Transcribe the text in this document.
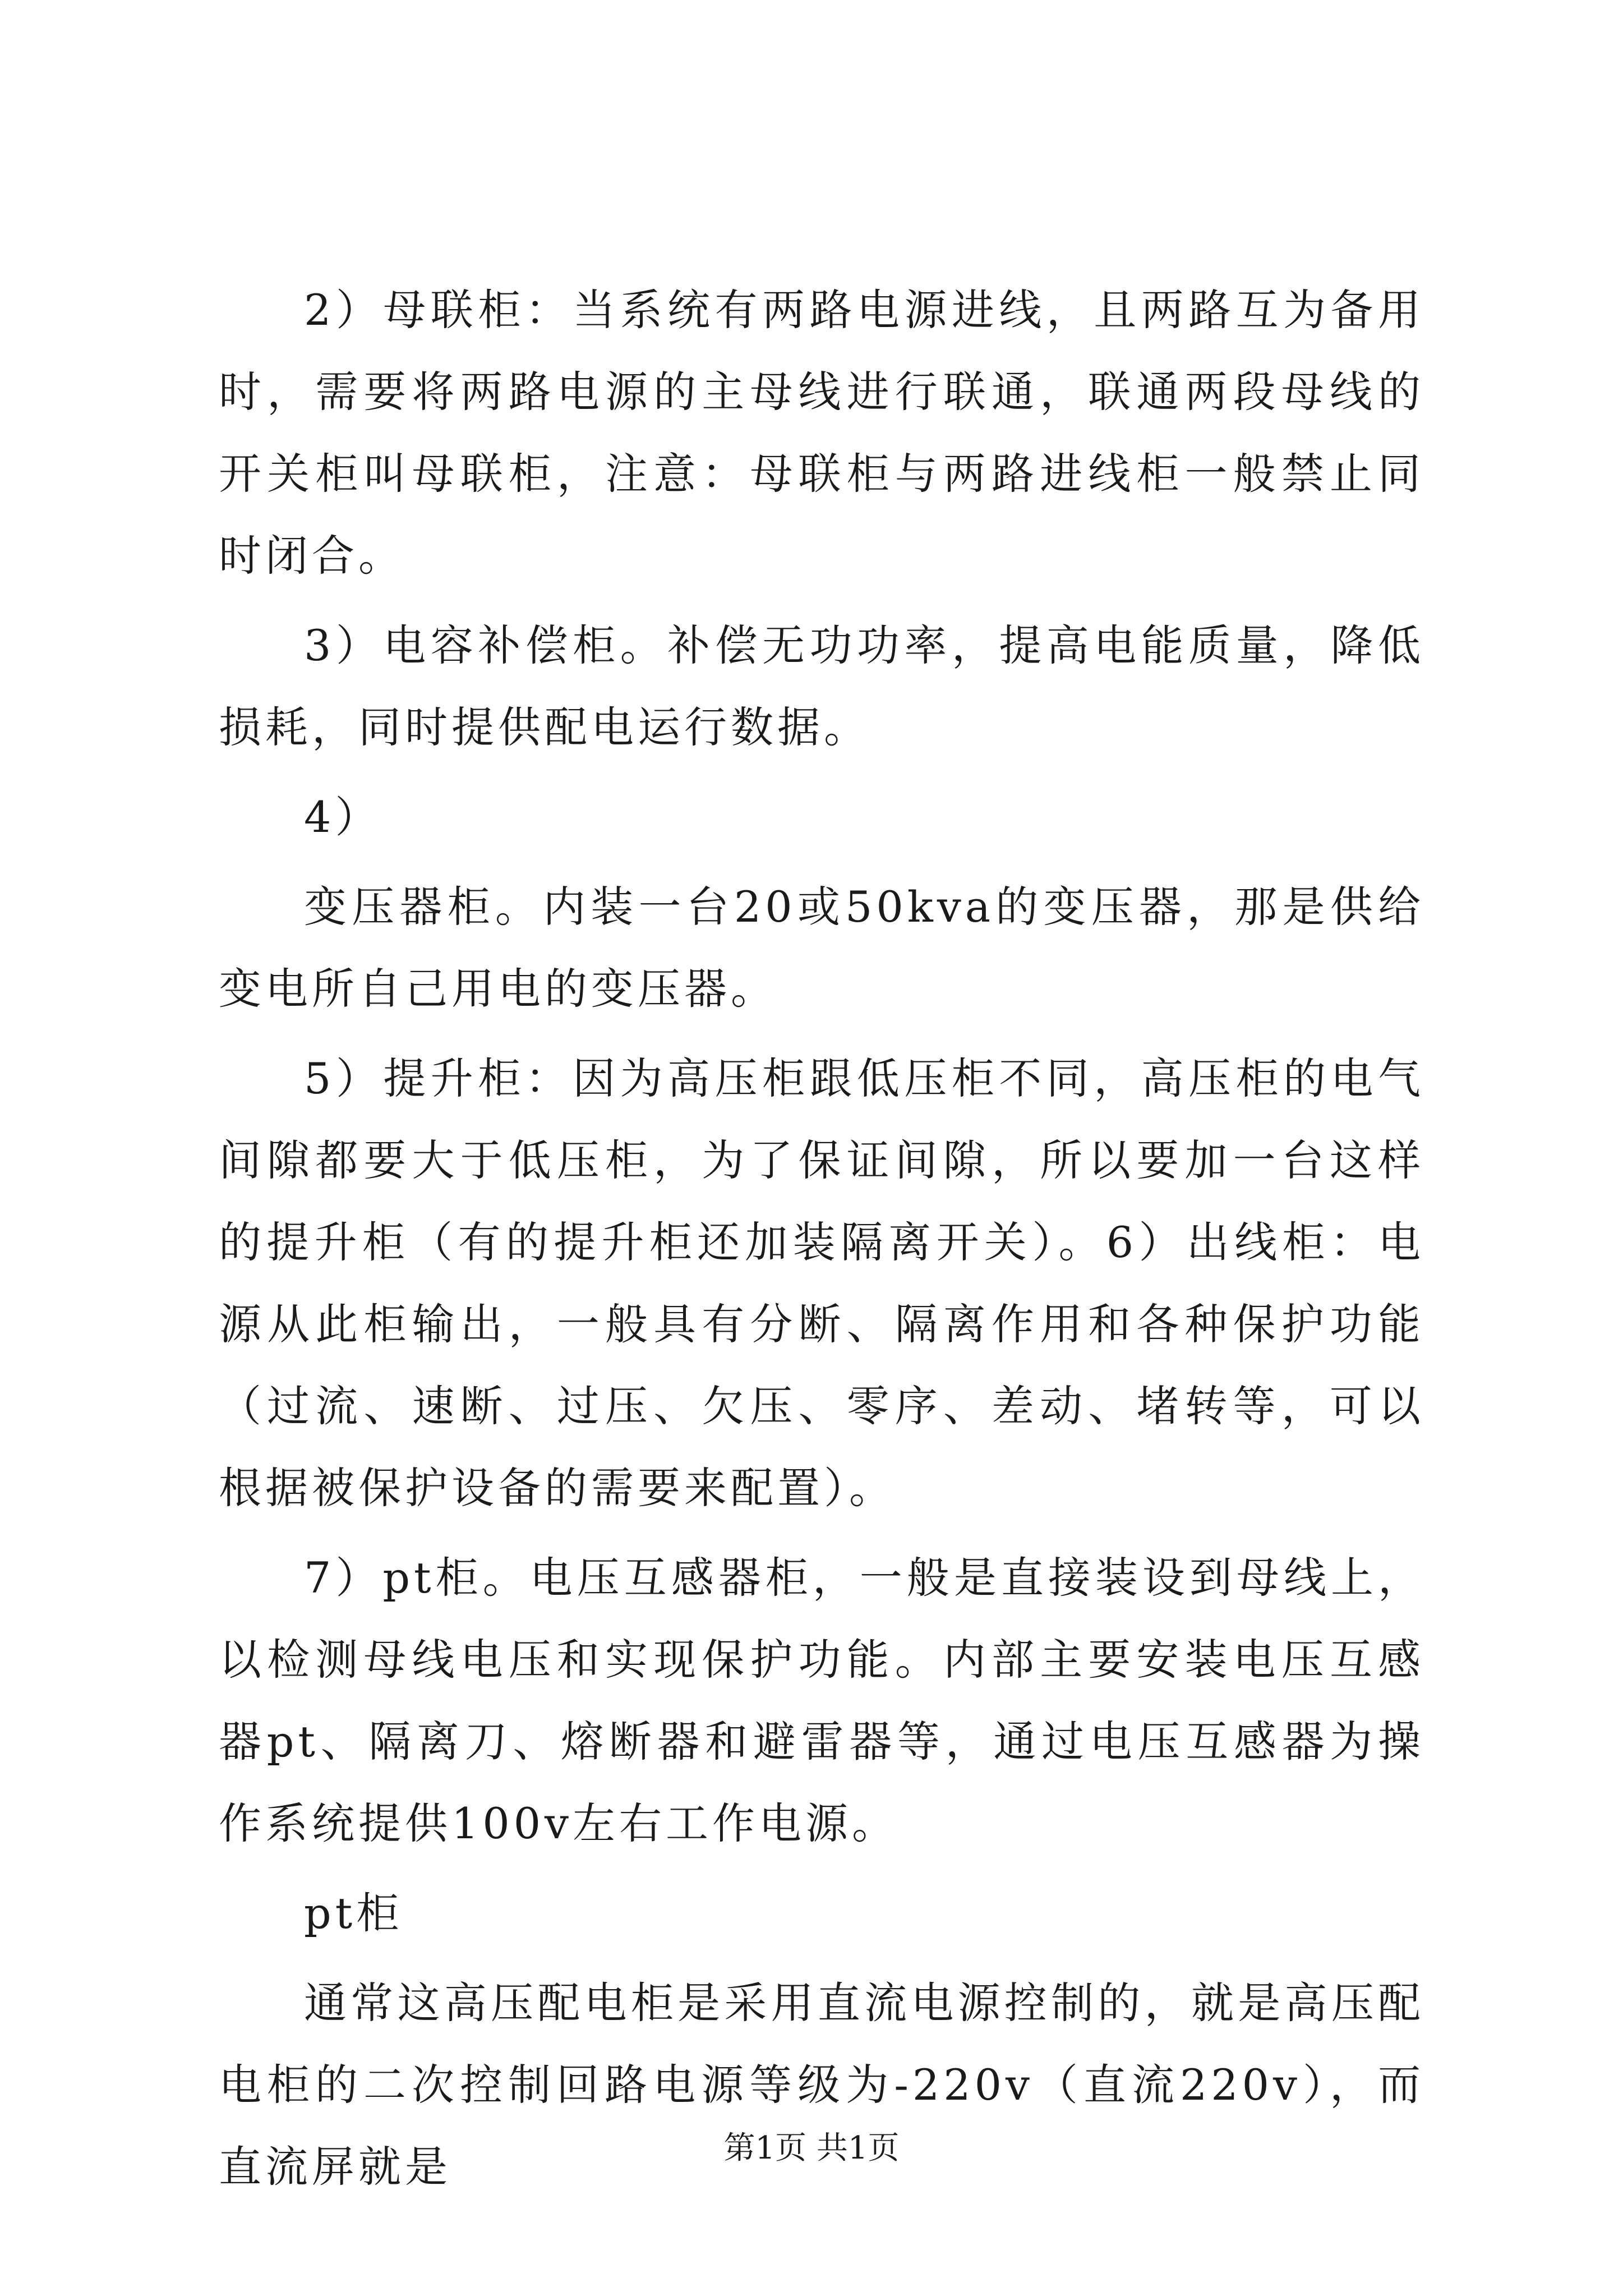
2）母联柜：当系统有两路电源进线，且两路互为备用时，需要将两路电源的主母线进行联通，联通两段母线的开关柜叫母联柜，注意：母联柜与两路进线柜一般禁止同时闭合。

3）电容补偿柜。补偿无功功率，提高电能质量，降低损耗，同时提供配电运行数据。

4）

变压器柜。内装一台20或50kva的变压器，那是供给变电所自己用电的变压器。

5）提升柜：因为高压柜跟低压柜不同，高压柜的电气间隙都要大于低压柜，为了保证间隙，所以要加一台这样的提升柜（有的提升柜还加装隔离开关）。6）出线柜：电源从此柜输出，一般具有分断、隔离作用和各种保护功能（过流、速断、过压、欠压、零序、差动、堵转等，可以根据被保护设备的需要来配置）。

7）pt柜。电压互感器柜，一般是直接装设到母线上，以检测母线电压和实现保护功能。内部主要安装电压互感器pt、隔离刀、熔断器和避雷器等，通过电压互感器为操作系统提供100v左右工作电源。

pt柜

通常这高压配电柜是采用直流电源控制的，就是高压配电柜的二次控制回路电源等级为-220v（直流220v），而直流屏就是	第1页 共1页
